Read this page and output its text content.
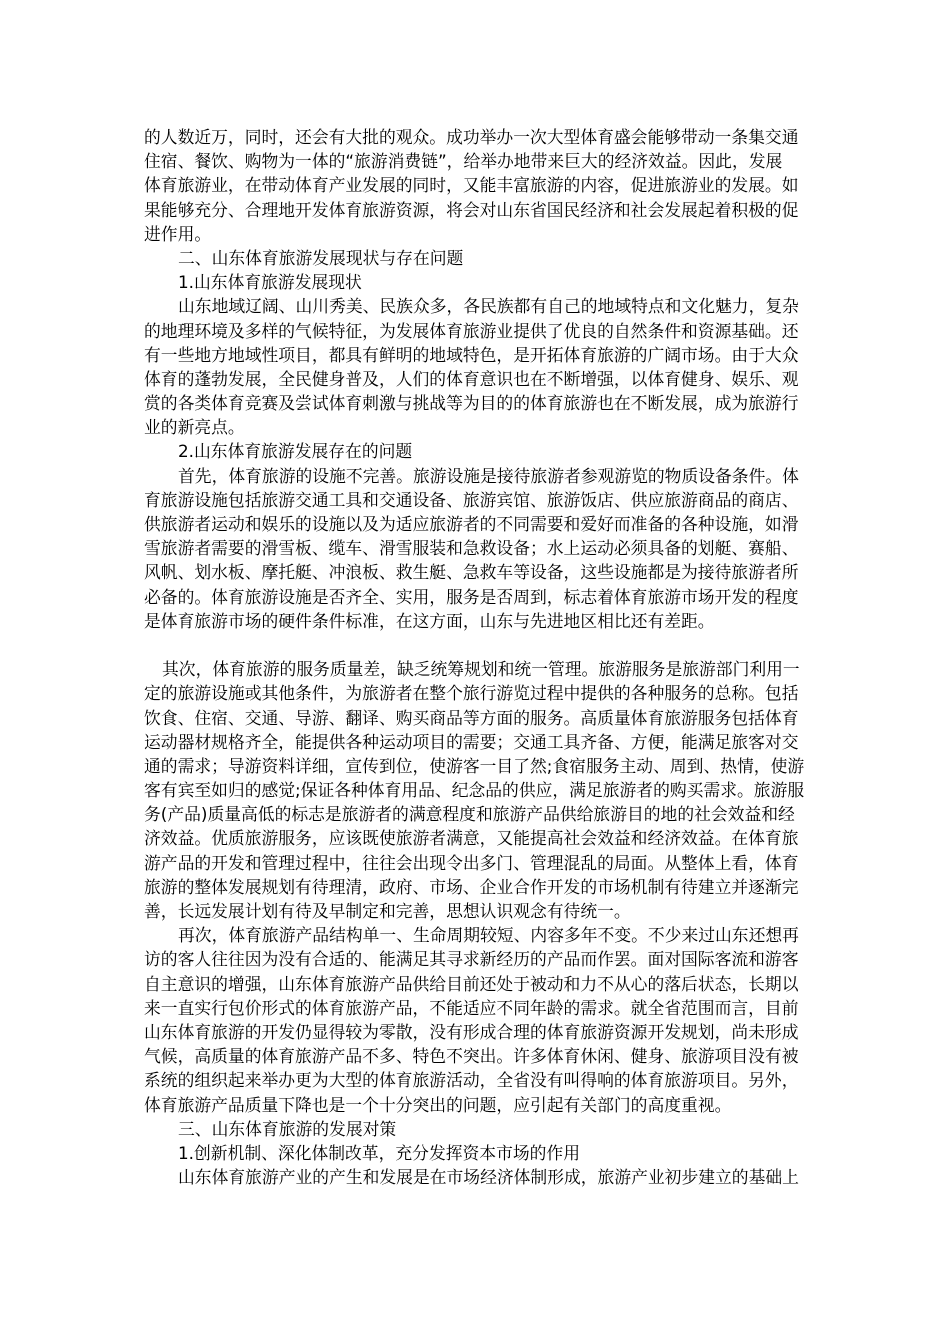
的人数近万，同时，还会有大批的观众。成功举办一次大型体育盛会能够带动一条集交通
住宿、餐饮、购物为一体的“旅游消费链”，给举办地带来巨大的经济效益。因此，发展
体育旅游业，在带动体育产业发展的同时，又能丰富旅游的内容，促进旅游业的发展。如
果能够充分、合理地开发体育旅游资源，将会对山东省国民经济和社会发展起着积极的促
进作用。
二、山东体育旅游发展现状与存在问题
1.山东体育旅游发展现状
山东地域辽阔、山川秀美、民族众多，各民族都有自己的地域特点和文化魅力，复杂
的地理环境及多样的气候特征，为发展体育旅游业提供了优良的自然条件和资源基础。还
有一些地方地域性项目，都具有鲜明的地域特色，是开拓体育旅游的广阔市场。由于大众
体育的蓬勃发展，全民健身普及，人们的体育意识也在不断增强，以体育健身、娱乐、观
赏的各类体育竞赛及尝试体育刺激与挑战等为目的的体育旅游也在不断发展，成为旅游行
业的新亮点。
2.山东体育旅游发展存在的问题
首先，体育旅游的设施不完善。旅游设施是接待旅游者参观游览的物质设备条件。体
育旅游设施包括旅游交通工具和交通设备、旅游宾馆、旅游饭店、供应旅游商品的商店、
供旅游者运动和娱乐的设施以及为适应旅游者的不同需要和爱好而准备的各种设施，如滑
雪旅游者需要的滑雪板、缆车、滑雪服装和急救设备；水上运动必须具备的划艇、赛船、
风帆、划水板、摩托艇、冲浪板、救生艇、急救车等设备，这些设施都是为接待旅游者所
必备的。体育旅游设施是否齐全、实用，服务是否周到，标志着体育旅游市场开发的程度
是体育旅游市场的硬件条件标准，在这方面，山东与先进地区相比还有差距。
其次，体育旅游的服务质量差，缺乏统筹规划和统一管理。旅游服务是旅游部门利用一
定的旅游设施或其他条件，为旅游者在整个旅行游览过程中提供的各种服务的总称。包括
饮食、住宿、交通、导游、翻译、购买商品等方面的服务。高质量体育旅游服务包括体育
运动器材规格齐全，能提供各种运动项目的需要；交通工具齐备、方便，能满足旅客对交
通的需求；导游资料详细，宣传到位，使游客一目了然;食宿服务主动、周到、热情，使游
客有宾至如归的感觉;保证各种体育用品、纪念品的供应，满足旅游者的购买需求。旅游服
务(产品)质量高低的标志是旅游者的满意程度和旅游产品供给旅游目的地的社会效益和经
济效益。优质旅游服务，应该既使旅游者满意，又能提高社会效益和经济效益。在体育旅
游产品的开发和管理过程中，往往会出现令出多门、管理混乱的局面。从整体上看，体育
旅游的整体发展规划有待理清，政府、市场、企业合作开发的市场机制有待建立并逐渐完
善，长远发展计划有待及早制定和完善，思想认识观念有待统一。
再次，体育旅游产品结构单一、生命周期较短、内容多年不变。不少来过山东还想再
访的客人往往因为没有合适的、能满足其寻求新经历的产品而作罢。面对国际客流和游客
自主意识的增强，山东体育旅游产品供给目前还处于被动和力不从心的落后状态，长期以
来一直实行包价形式的体育旅游产品，不能适应不同年龄的需求。就全省范围而言，目前
山东体育旅游的开发仍显得较为零散，没有形成合理的体育旅游资源开发规划，尚未形成
气候，高质量的体育旅游产品不多、特色不突出。许多体育休闲、健身、旅游项目没有被
系统的组织起来举办更为大型的体育旅游活动，全省没有叫得响的体育旅游项目。另外，
体育旅游产品质量下降也是一个十分突出的问题，应引起有关部门的高度重视。
三、山东体育旅游的发展对策
1.创新机制、深化体制改革，充分发挥资本市场的作用
山东体育旅游产业的产生和发展是在市场经济体制形成，旅游产业初步建立的基础上
